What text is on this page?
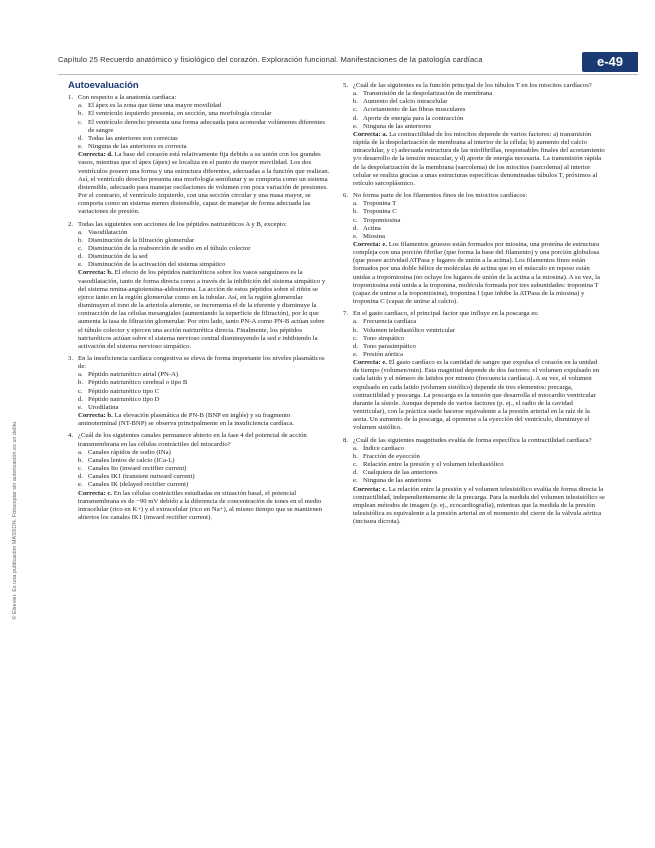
Capítulo 25 Recuerdo anatómico y fisiológico del corazón. Exploración funcional. Manifestaciones de la patología cardíaca	e-49
© Elsevier. Es una publicación MASSON. Fotocopiar sin autorización es un delito.
Autoevaluación
1. Con respecto a la anatomía cardíaca:
a. El ápex es la zona que tiene una mayor movilidad
b. El ventrículo izquierdo presenta, en sección, una morfología circular
c. El ventrículo derecho presenta una forma adecuada para acomodar volúmenes diferentes de sangre
d. Todas las anteriores son correctas
e. Ninguna de las anteriores es correcta
Correcta: d. La base del corazón está relativamente fija debido a su unión con los grandes vasos, mientras que el ápex (ápex) se localiza en el punto de mayor movilidad. Los dos ventrículos poseen una forma y una estructura diferentes, adecuadas a la función que realizan. Así, el ventrículo derecho presenta una morfología semilunar y se comporta como un sistema distensible, adecuado para manejar oscilaciones de volumen con poca variación de presiones. Por el contrario, el ventrículo izquierdo, con una sección circular y una masa mayor, se comporta como un sistema menos distensible, capaz de manejar de forma adecuada las variaciones de presión.
2. Todas las siguientes son acciones de los péptidos natriuréticos A y B, excepto:
a. Vasodilatación
b. Disminución de la filtración glomerular
c. Disminución de la reabsorción de sodio en el túbulo colector
d. Disminución de la sed
e. Disminución de la activación del sistema simpático
Correcta: b. El efecto de los péptidos natriuréticos sobre los vasos sanguíneos es la vasodilatación, tanto de forma directa como a través de la inhibición del sistema simpático y del sistema renina-angiotensina-aldosterona. La acción de estos péptidos sobre el riñón se ejerce tanto en la región glomerular como en la tubular. Así, en la región glomerular disminuyen el tono de la arteriola aferente, se incrementa el de la eferente y disminuye la contracción de las células mesangiales (aumentando la superficie de filtración), por lo que aumenta la tasa de filtración glomerular. Por otro lado, tanto PN-A como PN-B actúan sobre el túbulo colector y ejercen una acción natriurética directa. Finalmente, los péptidos natriuréticos actúan sobre el sistema nervioso central disminuyendo la sed e inhibiendo la activación del sistema nervioso simpático.
3. En la insuficiencia cardíaca congestiva se eleva de forma importante los niveles plasmáticos de:
a. Péptido natriurético atrial (PN-A)
b. Péptido natriurético cerebral o tipo B
c. Péptido natriurético tipo C
d. Péptido natriurético tipo D
e. Urodilatina
Correcta: b. La elevación plasmática de PN-B (BNP en inglés) y su fragmento aminoterminal (NT-BNP) se observa principalmente en la insuficiencia cardíaca.
4. ¿Cuál de los siguientes canales permanece abierto en la fase 4 del potencial de acción transmembrana en las células contráctiles del miocardio?
a. Canales rápidos de sodio (INa)
b. Canales lentos de calcio (ICa-L)
c. Canales Ito (inward rectifier current)
d. Canales IK1 (transient outward current)
e. Canales IK (delayed rectifier current)
Correcta: c. En las células contráctiles estudiadas en situación basal, el potencial transmembrana es de −90 mV debido a la diferencia de concentración de iones en el medio intracelular (rico en K+) y el extracelular (rico en Na+), al mismo tiempo que se mantienen abiertos los canales IK1 (inward rectifier current).
5. ¿Cuál de las siguientes es la función principal de los túbulos T en los miocitos cardíacos?
a. Transmisión de la despolarización de membrana
b. Aumento del calcio intracelular
c. Acortamiento de las fibras musculares
d. Aporte de energía para la contracción
e. Ninguna de las anteriores
Correcta: a. La contractilidad de los miocitos depende de varios factores: a) transmisión rápida de la despolarización de membrana al interior de la célula; b) aumento del calcio intracelular, y c) adecuada estructura de las miofibrillas, responsables finales del acortamiento y/o desarrollo de la tensión muscular, y d) aporte de energía necesaria. La transmisión rápida de la despolarización de la membrana (sarcolema) de los miocitos (sarcolema) al interior celular se realiza gracias a unas estructuras específicas denominadas túbulos T, próximos al retículo sarcoplásmico.
6. No forma parte de los filamentos finos de los miocitos cardíacos:
a. Troponina T
b. Troponina C
c. Tropomiosina
d. Actina
e. Miosina
Correcta: e. Los filamentos gruesos están formados por miosina, una proteína de estructura compleja con una porción fibrilar (que forma la base del filamento) y una porción globulosa (que posee actividad ATPasa y lugares de unión a la actina). Los filamentos finos están formados por una doble hélice de moléculas de actina que en el músculo en reposo están unidas a tropomiosina (no ocluye los lugares de unión de la actina a la miosina). A su vez, la tropomiosina está unida a la troponina, molécula formada por tres subunidades: troponina T (capaz de unirse a la tropomiosina), troponina I (que inhibe la ATPasa de la miosina) y troponina C (capaz de unirse al calcio).
7. En el gasto cardíaco, el principal factor que influye en la poscarga es:
a. Frecuencia cardíaca
b. Volumen telediastólico ventricular
c. Tono simpático
d. Tono parasimpático
e. Presión aórtica
Correcta: e. El gasto cardíaco es la cantidad de sangre que expulsa el corazón en la unidad de tiempo (volumen/min). Esta magnitud depende de dos factores: el volumen expulsado en cada latido y el número de latidos por minuto (frecuencia cardíaca). A su vez, el volumen expulsado en cada latido (volumen sistólico) depende de tres elementos: precarga, contractilidad y poscarga. La poscarga es la tensión que desarrolla el miocardio ventricular durante la sístole. Aunque depende de varios factores (p. ej., el radio de la cavidad ventricular), con la práctica suele hacerse equivalente a la presión arterial en la raíz de la aorta. Un aumento de la poscarga, al oponerse a la eyección del ventrículo, disminuye el volumen sistólico.
8. ¿Cuál de las siguientes magnitudes evalúa de forma específica la contractilidad cardíaca?
a. Índice cardíaco
b. Fracción de eyección
c. Relación entre la presión y el volumen telediastólico
d. Cualquiera de las anteriores
e. Ninguna de las anteriores
Correcta: c. La relación entre la presión y el volumen telesistólico evalúa de forma directa la contractilidad, independientemente de la precarga. Para la medida del volumen telesistólico se emplean métodos de imagen (p. ej., ecocardiografía), mientras que la medida de la presión telesistólica es equivalente a la presión arterial en el momento del cierre de la válvula aórtica (incisura dícrota).
